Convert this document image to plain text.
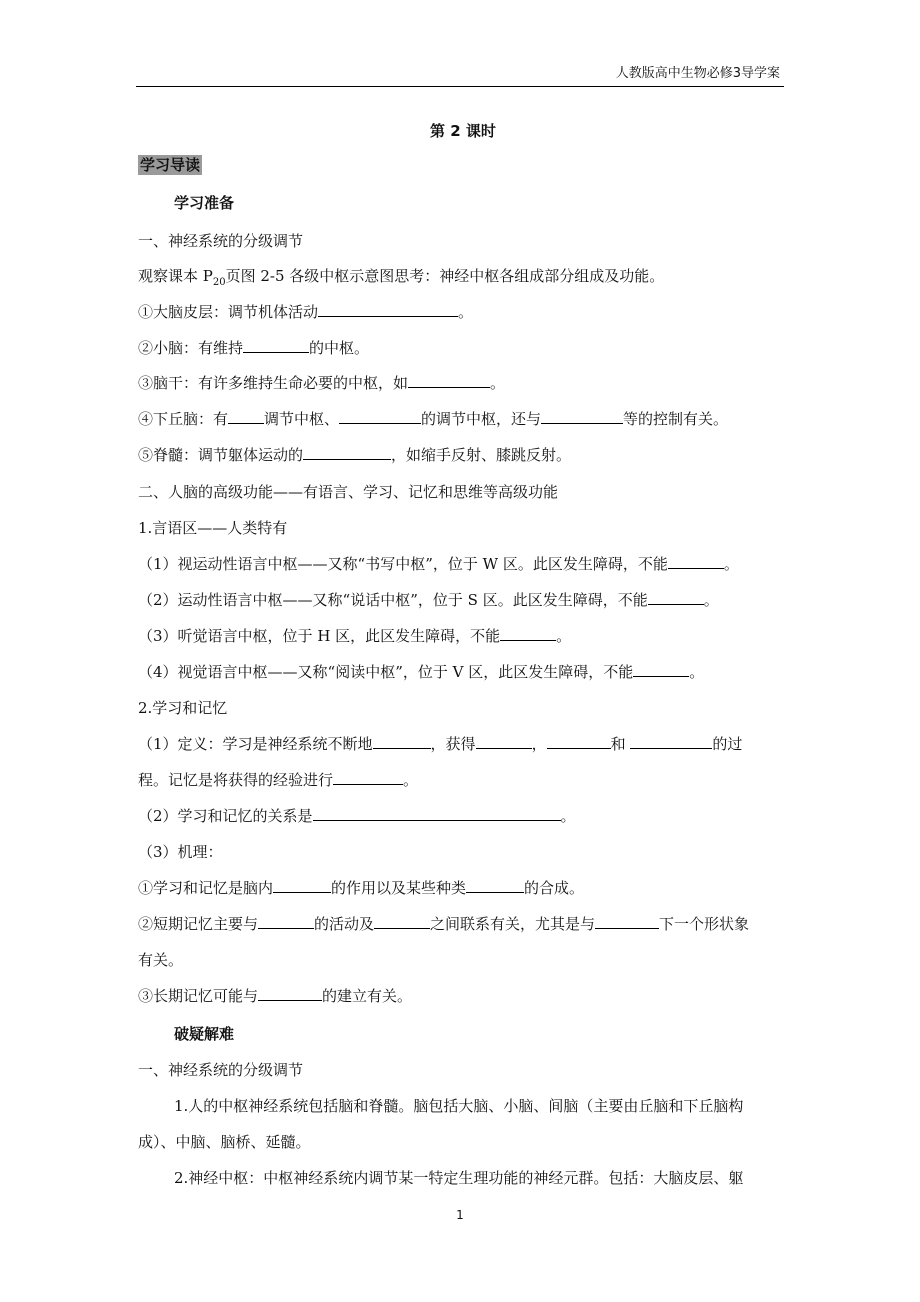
人教版高中生物必修3导学案
第 2 课时
学习导读
学习准备
一、神经系统的分级调节
观察课本 $P_{20}$页图 2-5 各级中枢示意图思考：神经中枢各组成部分组成及功能。
①大脑皮层：调节机体活动	。
②小脑：有维持	的中枢。
③脑干：有许多维持生命必要的中枢，如	。
④下丘脑：有 调节中枢、	的调节中枢，还与	等的控制有关。
⑤脊髓：调节躯体运动的	，如缩手反射、膝跳反射。
二、人脑的高级功能——有语言、学习、记忆和思维等高级功能
1.言语区——人类特有
（1）视运动性语言中枢——又称“书写中枢”，位于 W 区。此区发生障碍，不能	。
（2）运动性语言中枢——又称“说话中枢”，位于 S 区。此区发生障碍，不能	。
（3）听觉语言中枢，位于 H 区，此区发生障碍，不能	。
（4）视觉语言中枢——又称“阅读中枢”，位于 V 区，此区发生障碍，不能	。
2.学习和记忆
（1）定义：学习是神经系统不断地	，获得	，	和	的过
程。记忆是将获得的经验进行	。
（2）学习和记忆的关系是	。
（3）机理：
①学习和记忆是脑内	的作用以及某些种类	的合成。
②短期记忆主要与	的活动及	之间联系有关，尤其是与	下一个形状象
有关。
③长期记忆可能与	的建立有关。
破疑解难
一、神经系统的分级调节
1.人的中枢神经系统包括脑和脊髓。脑包括大脑、小脑、间脑（主要由丘脑和下丘脑构
成）、中脑、脑桥、延髓。
2.神经中枢：中枢神经系统内调节某一特定生理功能的神经元群。包括：大脑皮层、躯
1
